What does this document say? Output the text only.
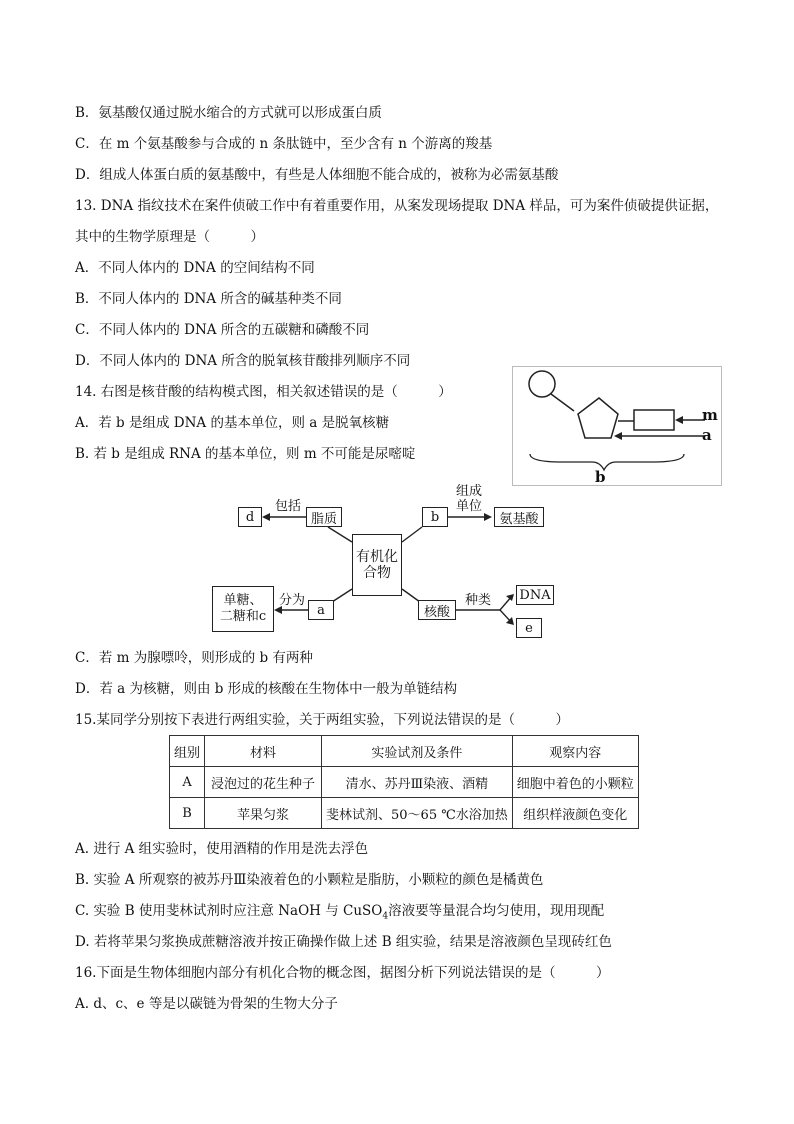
B．氨基酸仅通过脱水缩合的方式就可以形成蛋白质
C．在 m 个氨基酸参与合成的 n 条肽链中，至少含有 n 个游离的羧基
D．组成人体蛋白质的氨基酸中，有些是人体细胞不能合成的，被称为必需氨基酸
13. DNA 指纹技术在案件侦破工作中有着重要作用，从案发现场提取 DNA 样品，可为案件侦破提供证据，
其中的生物学原理是（　　　）
A．不同人体内的 DNA 的空间结构不同
B．不同人体内的 DNA 所含的碱基种类不同
C．不同人体内的 DNA 所含的五碳糖和磷酸不同
D．不同人体内的 DNA 所含的脱氧核苷酸排列顺序不同
14. 右图是核苷酸的结构模式图，相关叙述错误的是（　　　）
A．若 b 是组成 DNA 的基本单位，则 a 是脱氧核糖
B. 若 b 是组成 RNA 的基本单位，则 m 不可能是尿嘧啶
m
a
b
d
包括
脂质
有机化
合物
b
组成
单位
氨基酸
单糖、
二糖和c
分为
a	核酸
种类 DNA
e
C．若 m 为腺嘌呤，则形成的 b 有两种
D．若 a 为核糖，则由 b 形成的核酸在生物体中一般为单链结构
15.某同学分别按下表进行两组实验，关于两组实验，下列说法错误的是（　　　）
组别	材料	实验试剂及条件	观察内容
A	浸泡过的花生种子	清水、苏丹Ⅲ染液、酒精	细胞中着色的小颗粒
B	苹果匀浆	斐林试剂、50～65 ℃水浴加热	组织样液颜色变化
A. 进行 A 组实验时，使用酒精的作用是洗去浮色
B. 实验 A 所观察的被苏丹Ⅲ染液着色的小颗粒是脂肪，小颗粒的颜色是橘黄色
C. 实验 B 使用斐林试剂时应注意 NaOH 与 CuSO$_4$溶液要等量混合均匀使用，现用现配
D. 若将苹果匀浆换成蔗糖溶液并按正确操作做上述 B 组实验，结果是溶液颜色呈现砖红色
16.下面是生物体细胞内部分有机化合物的概念图，据图分析下列说法错误的是（　　　）
A. d、c、e 等是以碳链为骨架的生物大分子
